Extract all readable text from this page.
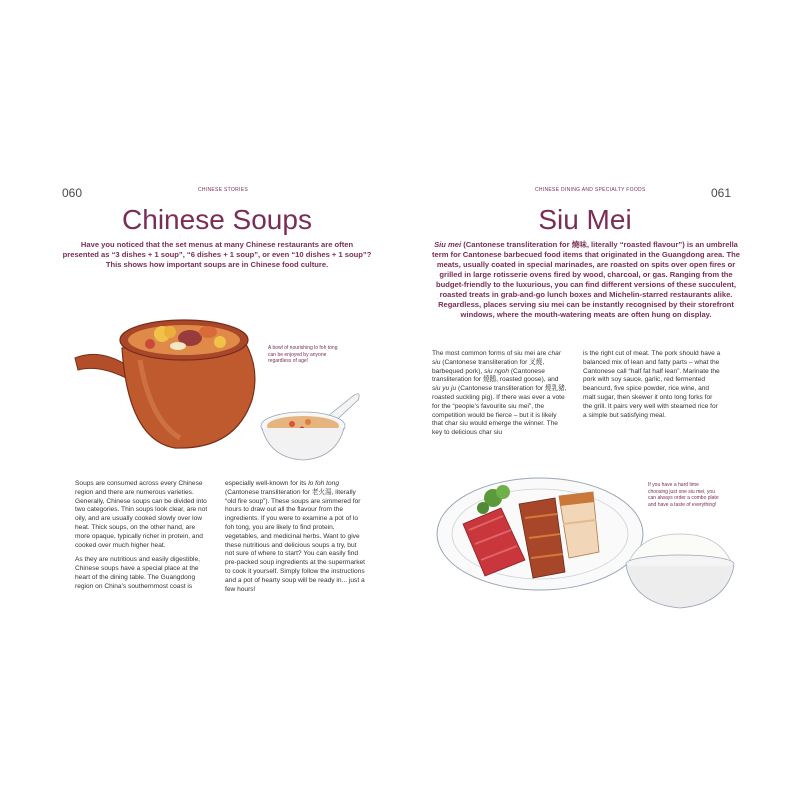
060	CHINESE STORIES
Chinese Soups
Have you noticed that the set menus at many Chinese restaurants are often presented as “3 dishes + 1 soup”, “6 dishes + 1 soup”, or even “10 dishes + 1 soup”? This shows how important soups are in Chinese food culture.
A bowl of nourishing lo foh tong can be enjoyed by anyone regardless of age!

Soups are consumed across every Chinese region and there are numerous varieties. Generally, Chinese soups can be divided into two categories. Thin soups look clear, are not oily, and are usually cooked slowly over low heat. Thick soups, on the other hand, are more opaque, typically richer in protein, and cooked over much higher heat.

As they are nutritious and easily digestible, Chinese soups have a special place at the heart of the dining table. The Guangdong region on China’s southernmost coast is

especially well-known for its lo foh tong (Cantonese transliteration for 老火湯, literally “old fire soup”). These soups are simmered for hours to draw out all the flavour from the ingredients. If you were to examine a pot of lo foh tong, you are likely to find protein, vegetables, and medicinal herbs. Want to give these nutritious and delicious soups a try, but not sure of where to start? You can easily find pre-packed soup ingredients at the supermarket to cook it yourself. Simply follow the instructions and a pot of hearty soup will be ready in... just a few hours!
CHINESE DINING AND SPECIALTY FOODS	061
Siu Mei
Siu mei (Cantonese transliteration for 燒味, literally “roasted flavour”) is an umbrella term for Cantonese barbecued food items that originated in the Guangdong area. The meats, usually coated in special marinades, are roasted on spits over open fires or grilled in large rotisserie ovens fired by wood, charcoal, or gas. Ranging from the budget-friendly to the luxurious, you can find different versions of these succulent, roasted treats in grab-and-go lunch boxes and Michelin-starred restaurants alike. Regardless, places serving siu mei can be instantly recognised by their storefront windows, where the mouth-watering meats are often hung on display.
The most common forms of siu mei are char siu (Cantonese transliteration for 叉燒, barbequed pork), siu ngoh (Cantonese transliteration for 燒鵝, roasted goose), and siu yu ju (Cantonese transliteration for 燒乳豬, roasted suckling pig). If there was ever a vote for the “people’s favourite siu mei”, the competition would be fierce – but it is likely that char siu would emerge the winner. The key to delicious char siu
is the right cut of meat. The pork should have a balanced mix of lean and fatty parts – what the Cantonese call “half fat half lean”. Marinate the pork with soy sauce, garlic, red fermented beancurd, five spice powder, rice wine, and malt sugar, then skewer it onto long forks for the grill. It pairs very well with steamed rice for a simple but satisfying meal.
If you have a hard time choosing just one siu mei, you can always order a combo plate and have a taste of everything!
